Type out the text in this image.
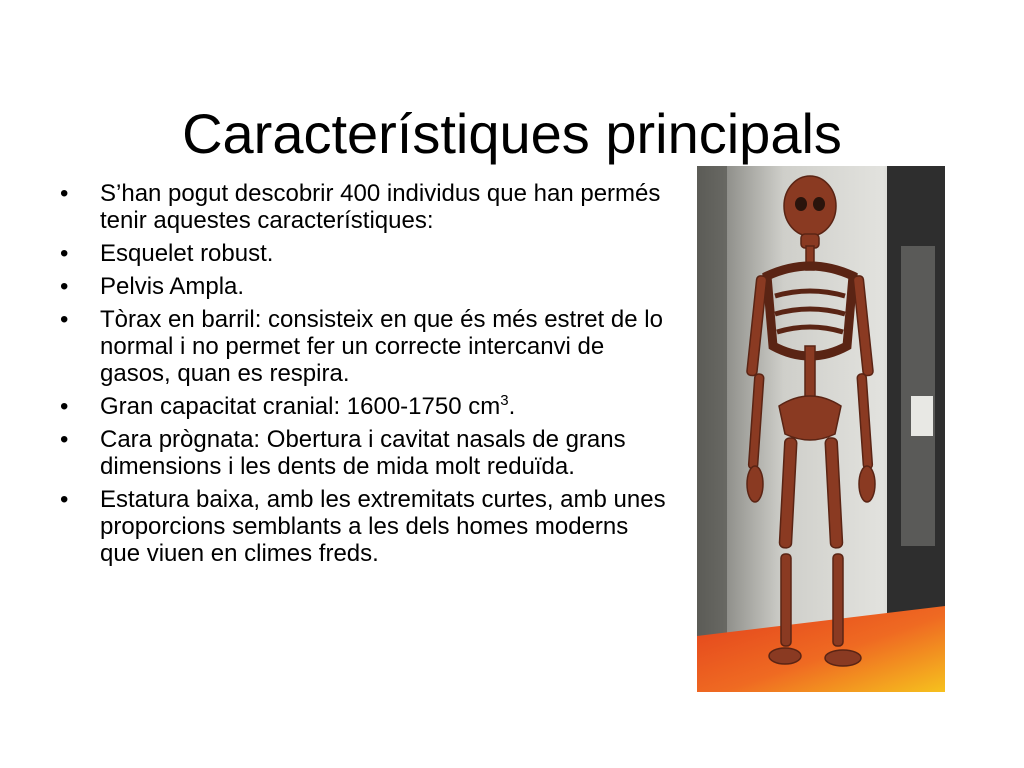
Característiques principals
• S’han pogut descobrir 400 individus que han permés tenir aquestes característiques:
• Esquelet robust.
• Pelvis Ampla.
• Tòrax en barril: consisteix en que és més estret de lo normal i no permet fer un correcte intercanvi de gasos, quan es respira.
• Gran capacitat cranial: 1600-1750 $cm^3$.
• Cara prògnata: Obertura i cavitat nasals de grans dimensions i les dents de mida molt reduïda.
• Estatura baixa, amb les extremitats curtes, amb unes proporcions semblants a les dels homes moderns que viuen en climes freds.
